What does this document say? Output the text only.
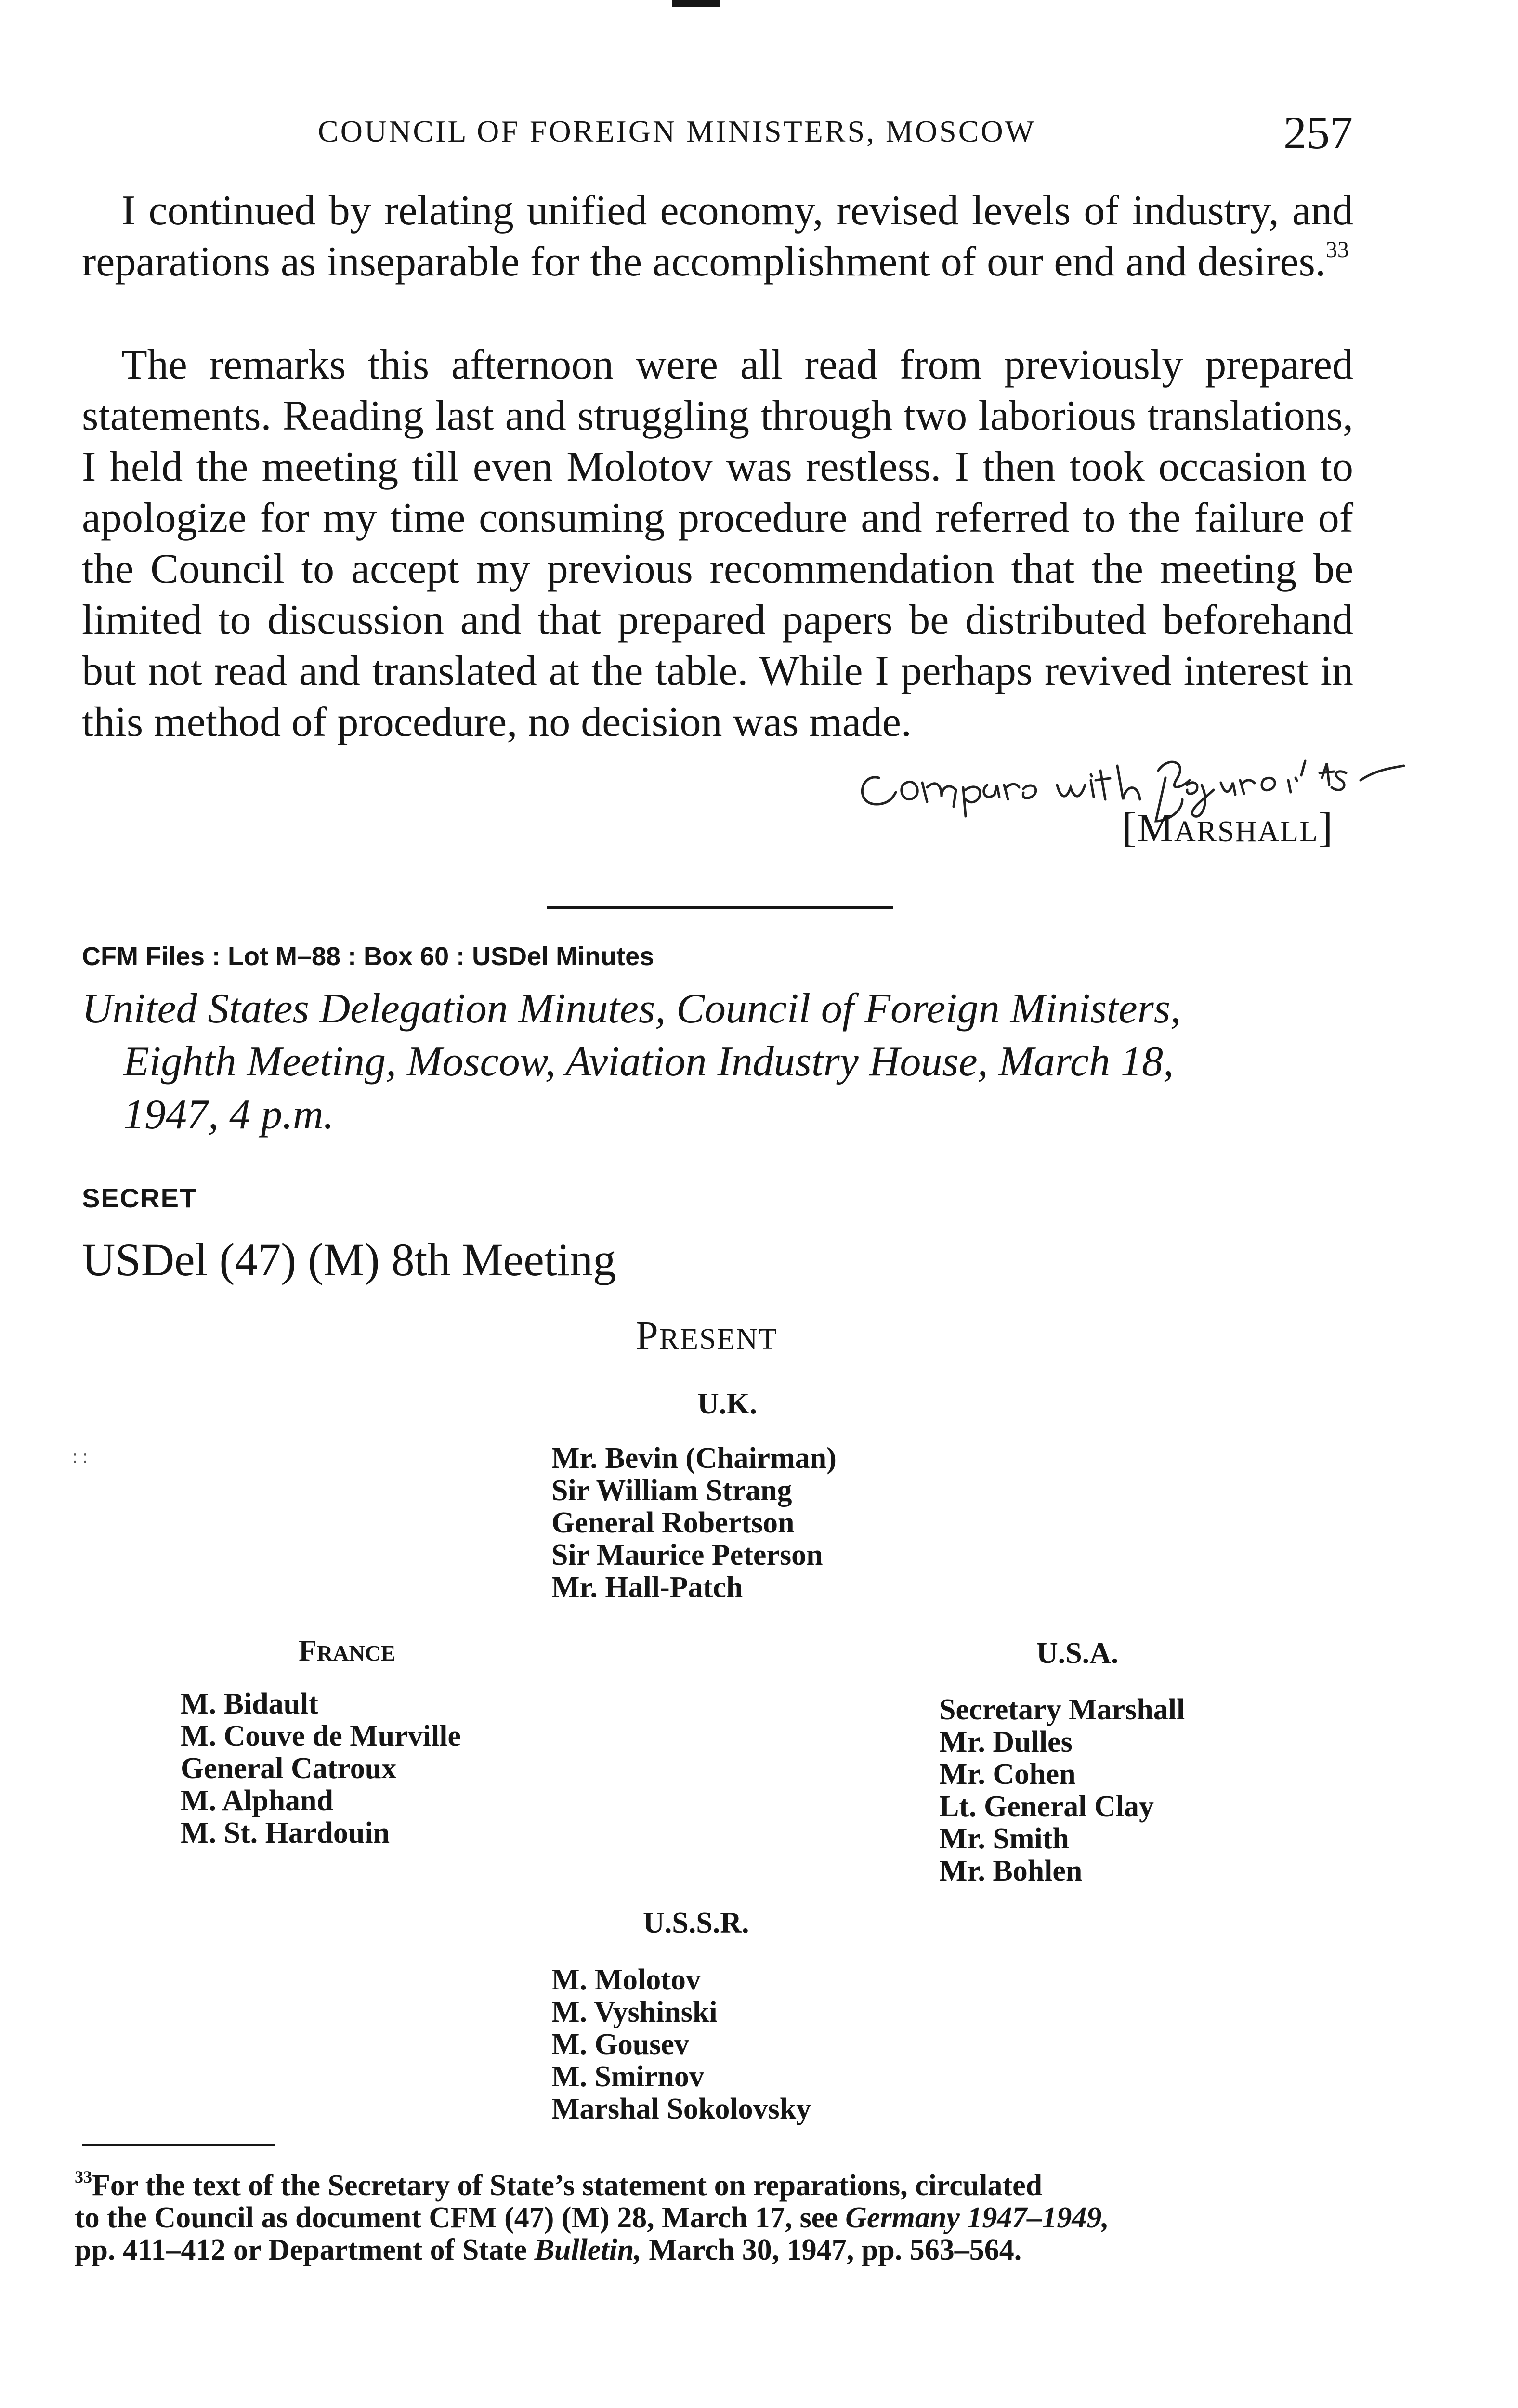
COUNCIL OF FOREIGN MINISTERS, MOSCOW	257
I continued by relating unified economy, revised levels of industry, and reparations as inseparable for the accomplishment of our end and desires.$^{33}$
The remarks this afternoon were all read from previously prepared statements. Reading last and struggling through two laborious translations, I held the meeting till even Molotov was restless. I then took occasion to apologize for my time consuming procedure and referred to the failure of the Council to accept my previous recommendation that the meeting be limited to discussion and that prepared papers be distributed beforehand but not read and translated at the table. While I perhaps revived interest in this method of procedure, no decision was made.
[MARSHALL]
CFM Files : Lot M–88 : Box 60 : USDel Minutes
United States Delegation Minutes, Council of Foreign Ministers,
Eighth Meeting, Moscow, Aviation Industry House, March 18,
1947, 4 p.m.
SECRET
USDel (47) (M) 8th Meeting
PRESENT
U.K.
Mr. Bevin (Chairman)
Sir William Strang
General Robertson
Sir Maurice Peterson
Mr. Hall-Patch
: :
FRANCE
M. Bidault
M. Couve de Murville
General Catroux
M. Alphand
M. St. Hardouin
U.S.A.
Secretary Marshall
Mr. Dulles
Mr. Cohen
Lt. General Clay
Mr. Smith
Mr. Bohlen
U.S.S.R.
M. Molotov
M. Vyshinski
M. Gousev
M. Smirnov
Marshal Sokolovsky
$^{33}$For the text of the Secretary of State’s statement on reparations, circulated
to the Council as document CFM (47) (M) 28, March 17, see Germany 1947–1949,
pp. 411–412 or Department of State Bulletin, March 30, 1947, pp. 563–564.
